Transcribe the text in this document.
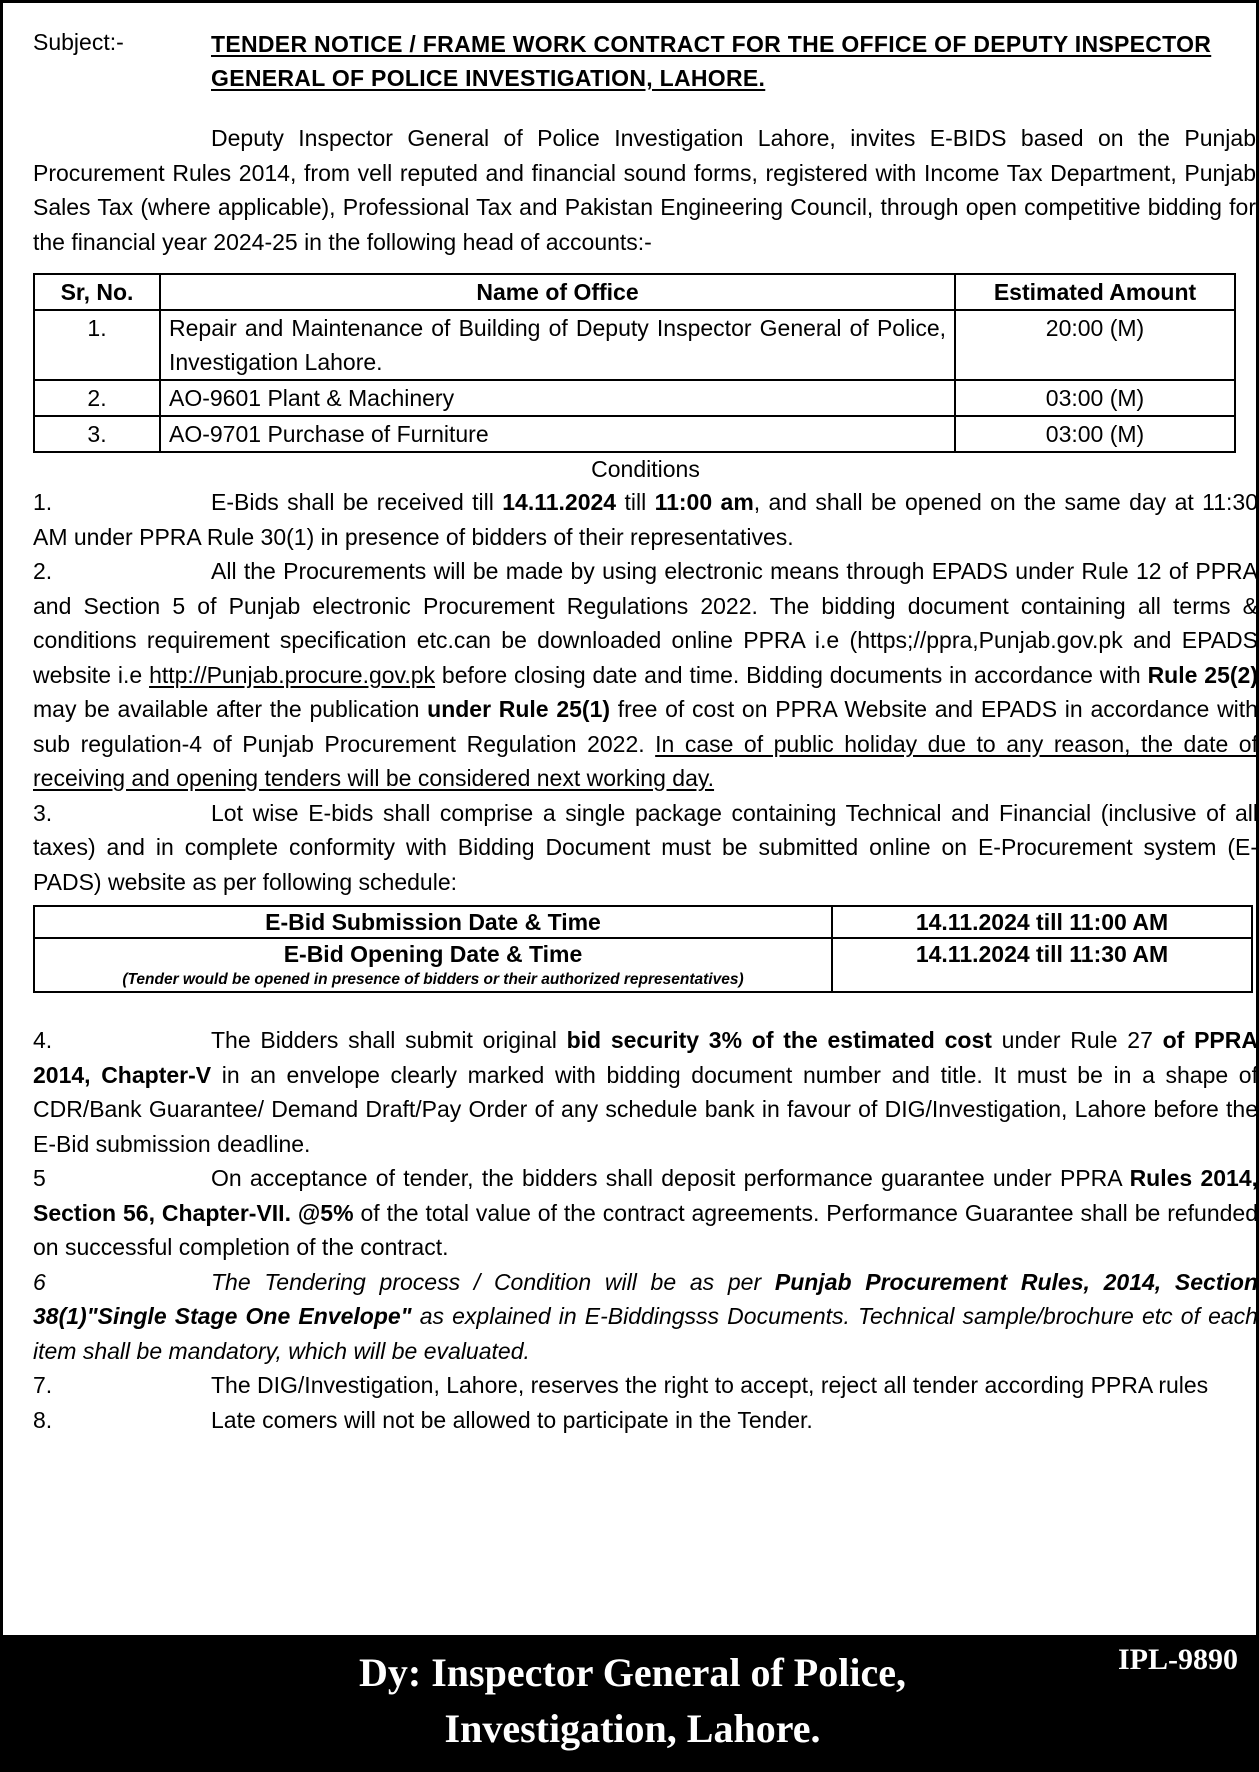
Subject:-	TENDER NOTICE / FRAME WORK CONTRACT FOR THE OFFICE OF DEPUTY INSPECTOR GENERAL OF POLICE INVESTIGATION, LAHORE.
Deputy Inspector General of Police Investigation Lahore, invites E-BIDS based on the Punjab Procurement Rules 2014, from vell reputed and financial sound forms, registered with Income Tax Department, Punjab Sales Tax (where applicable), Professional Tax and Pakistan Engineering Council, through open competitive bidding for the financial year 2024-25 in the following head of accounts:-
Sr, No.	Name of Office	Estimated Amount
1.	Repair and Maintenance of Building of Deputy Inspector General of Police, Investigation Lahore.	20:00 (M)
2.	AO-9601 Plant & Machinery	03:00 (M)
3.	AO-9701 Purchase of Furniture	03:00 (M)
Conditions
1.	E-Bids shall be received till 14.11.2024 till 11:00 am, and shall be opened on the same day at 11:30 AM under PPRA Rule 30(1) in presence of bidders of their representatives.
2.	All the Procurements will be made by using electronic means through EPADS under Rule 12 of PPRA and Section 5 of Punjab electronic Procurement Regulations 2022. The bidding document containing all terms & conditions requirement specification etc.can be downloaded online PPRA i.e (https;//ppra,Punjab.gov.pk and EPADS website i.e http://Punjab.procure.gov.pk before closing date and time. Bidding documents in accordance with Rule 25(2) may be available after the publication under Rule 25(1) free of cost on PPRA Website and EPADS in accordance with sub regulation-4 of Punjab Procurement Regulation 2022. In case of public holiday due to any reason, the date of receiving and opening tenders will be considered next working day.
3.	Lot wise E-bids shall comprise a single package containing Technical and Financial (inclusive of all taxes) and in complete conformity with Bidding Document must be submitted online on E-Procurement system (E-PADS) website as per following schedule:
E-Bid Submission Date & Time	14.11.2024 till 11:00 AM
E-Bid Opening Date & Time
(Tender would be opened in presence of bidders or their authorized representatives)	14.11.2024 till 11:30 AM
4.	The Bidders shall submit original bid security 3% of the estimated cost under Rule 27 of PPRA 2014, Chapter-V in an envelope clearly marked with bidding document number and title. It must be in a shape of CDR/Bank Guarantee/ Demand Draft/Pay Order of any schedule bank in favour of DIG/Investigation, Lahore before the E-Bid submission deadline.
5	On acceptance of tender, the bidders shall deposit performance guarantee under PPRA Rules 2014, Section 56, Chapter-VII. @5% of the total value of the contract agreements. Performance Guarantee shall be refunded on successful completion of the contract.
6	The Tendering process / Condition will be as per Punjab Procurement Rules, 2014, Section 38(1)"Single Stage One Envelope" as explained in E-Biddingsss Documents. Technical sample/brochure etc of each item shall be mandatory, which will be evaluated.
7.	The DIG/Investigation, Lahore, reserves the right to accept, reject all tender according PPRA rules
8.	Late comers will not be allowed to participate in the Tender.
Dy: Inspector General of Police,
Investigation, Lahore.
IPL-9890
